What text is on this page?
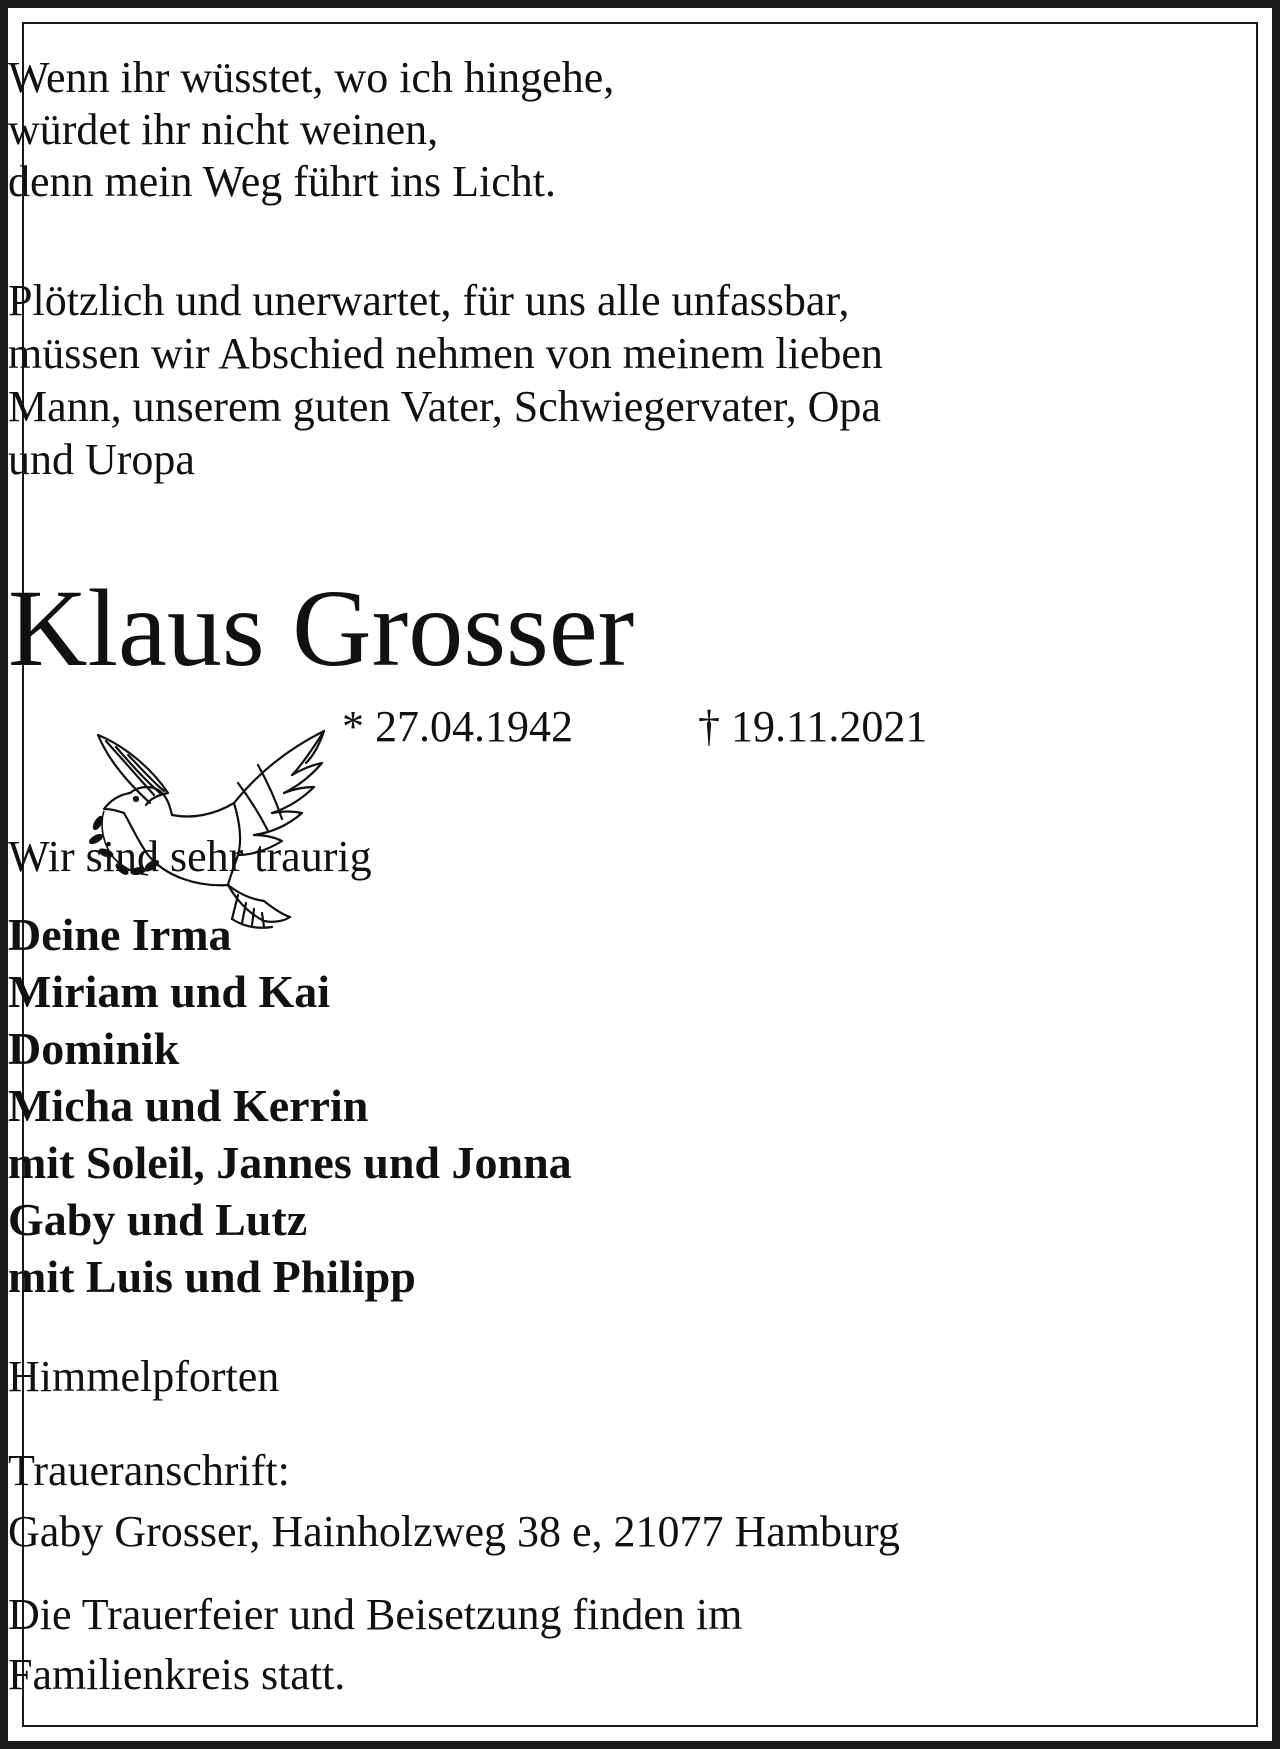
Wenn ihr wüsstet, wo ich hingehe,
würdet ihr nicht weinen,
denn mein Weg führt ins Licht.
Plötzlich und unerwartet, für uns alle unfassbar,
müssen wir Abschied nehmen von meinem lieben
Mann, unserem guten Vater, Schwiegervater, Opa
und Uropa
Klaus Grosser
* 27.04.1942	† 19.11.2021
Wir sind sehr traurig
Deine Irma
Miriam und Kai
Dominik
Micha und Kerrin
mit Soleil, Jannes und Jonna
Gaby und Lutz
mit Luis und Philipp
Himmelpforten
Traueranschrift:
Gaby Grosser, Hainholzweg 38 e, 21077 Hamburg
Die Trauerfeier und Beisetzung finden im
Familienkreis statt.
